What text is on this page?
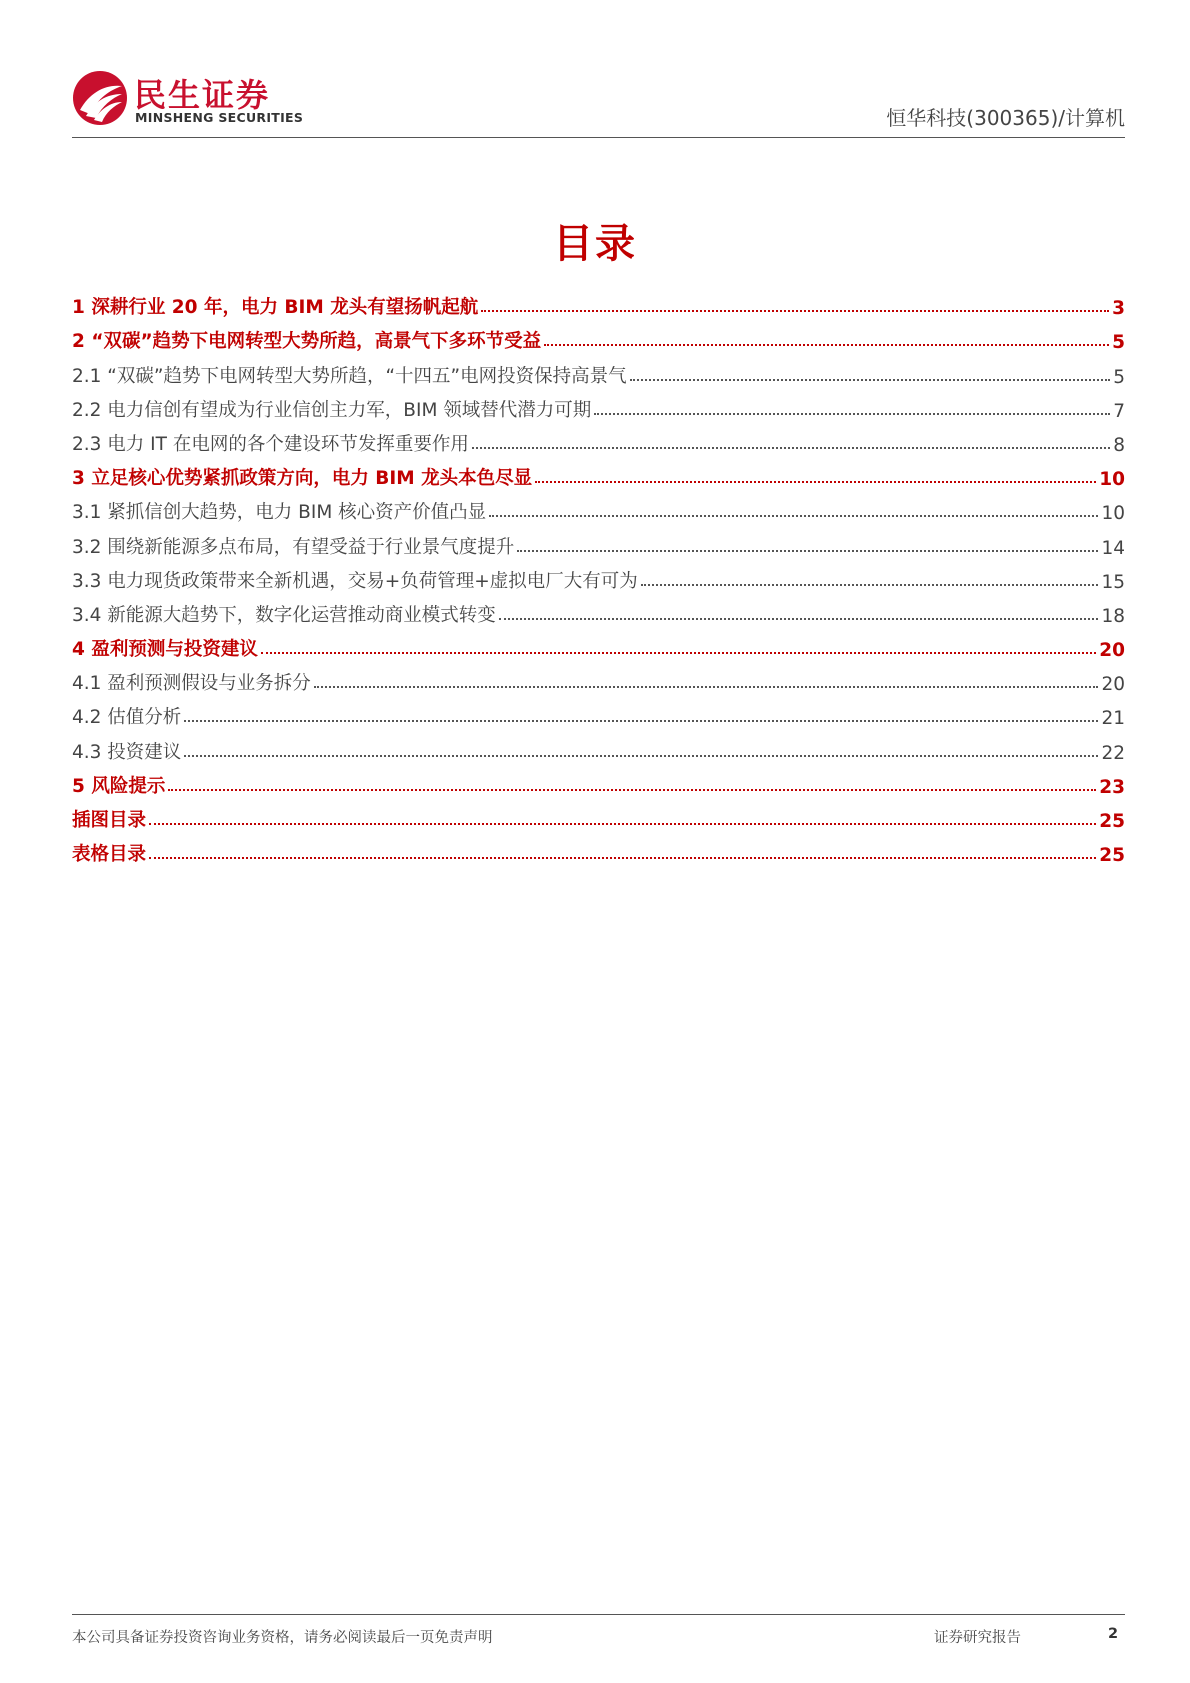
民生证券
MINSHENG SECURITIES	恒华科技(300365)/计算机
目录
1 深耕行业 20 年，电力 BIM 龙头有望扬帆起航	3
2 “双碳”趋势下电网转型大势所趋，高景气下多环节受益	5
2.1 “双碳”趋势下电网转型大势所趋，“十四五”电网投资保持高景气	5
2.2 电力信创有望成为行业信创主力军，BIM 领域替代潜力可期	7
2.3 电力 IT 在电网的各个建设环节发挥重要作用	8
3 立足核心优势紧抓政策方向，电力 BIM 龙头本色尽显	10
3.1 紧抓信创大趋势，电力 BIM 核心资产价值凸显	10
3.2 围绕新能源多点布局，有望受益于行业景气度提升	14
3.3 电力现货政策带来全新机遇，交易+负荷管理+虚拟电厂大有可为	15
3.4 新能源大趋势下，数字化运营推动商业模式转变	18
4 盈利预测与投资建议	20
4.1 盈利预测假设与业务拆分	20
4.2 估值分析	21
4.3 投资建议	22
5 风险提示	23
插图目录	25
表格目录	25
本公司具备证券投资咨询业务资格，请务必阅读最后一页免责声明	证券研究报告	2
